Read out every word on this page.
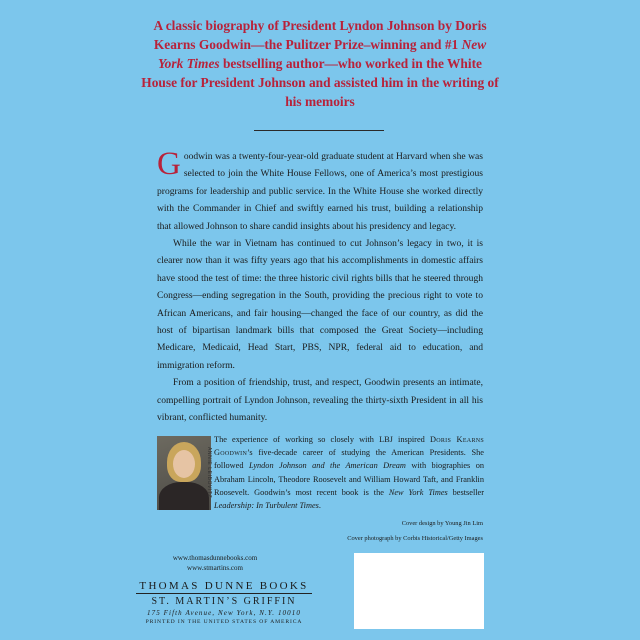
A classic biography of President Lyndon Johnson by Doris Kearns Goodwin—the Pulitzer Prize–winning and #1 New York Times bestselling author—who worked in the White House for President Johnson and assisted him in the writing of his memoirs

Goodwin was a twenty-four-year-old graduate student at Harvard when she was selected to join the White House Fellows, one of America’s most prestigious programs for leadership and public service. In the White House she worked directly with the Commander in Chief and swiftly earned his trust, building a relationship that allowed Johnson to share candid insights about his presidency and legacy.

While the war in Vietnam has continued to cut Johnson’s legacy in two, it is clearer now than it was fifty years ago that his accomplishments in domestic affairs have stood the test of time: the three historic civil rights bills that he steered through Congress—ending segregation in the South, providing the precious right to vote to African Americans, and fair housing—changed the face of our country, as did the host of bipartisan landmark bills that composed the Great Society—including Medicare, Medicaid, Head Start, PBS, NPR, federal aid to education, and immigration reform.

From a position of friendship, trust, and respect, Goodwin presents an intimate, compelling portrait of Lyndon Johnson, revealing the thirty-sixth President in all his vibrant, conflicted humanity.

ANNIE LEIBOVITZ
The experience of working so closely with LBJ inspired Doris Kearns Goodwin’s five-decade career of studying the American Presidents. She followed Lyndon Johnson and the American Dream with biographies on Abraham Lincoln, Theodore Roosevelt and William Howard Taft, and Franklin Roosevelt. Goodwin’s most recent book is the New York Times bestseller Leadership: In Turbulent Times.
Cover design by Young Jin Lim
Cover photograph by Corbis Historical/Getty Images
www.thomasdunnebooks.com
www.stmartins.com
THOMAS DUNNE BOOKS
ST. MARTIN’S GRIFFIN
175 Fifth Avenue, New York, N.Y. 10010
PRINTED IN THE UNITED STATES OF AMERICA
